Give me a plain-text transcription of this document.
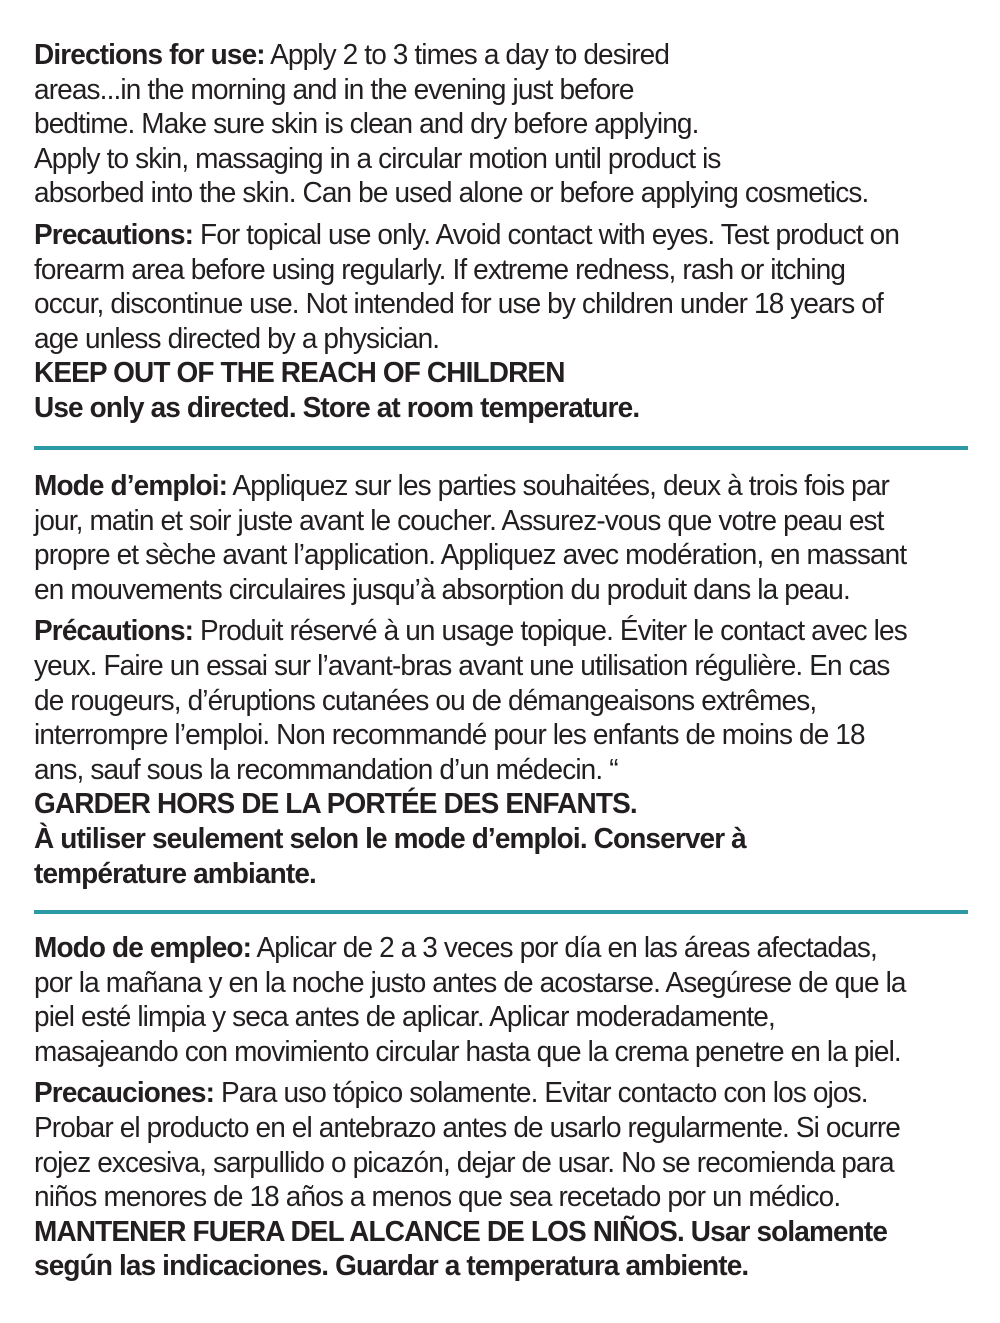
Directions for use: Apply 2 to 3 times a day to desired

areas...in the morning and in the evening just before

bedtime. Make sure skin is clean and dry before applying.

Apply to skin, massaging in a circular motion until product is

absorbed into the skin. Can be used alone or before applying cosmetics.

Precautions: For topical use only. Avoid contact with eyes. Test product on

forearm area before using regularly. If extreme redness, rash or itching

occur, discontinue use. Not intended for use by children under 18 years of

age unless directed by a physician.

KEEP OUT OF THE REACH OF CHILDREN

Use only as directed. Store at room temperature.

Mode d’emploi: Appliquez sur les parties souhaitées, deux à trois fois par

jour, matin et soir juste avant le coucher. Assurez-vous que votre peau est

propre et sèche avant l’application. Appliquez avec modération, en massant

en mouvements circulaires jusqu’à absorption du produit dans la peau.

Précautions: Produit réservé à un usage topique. Éviter le contact avec les

yeux. Faire un essai sur l’avant-bras avant une utilisation régulière. En cas

de rougeurs, d’éruptions cutanées ou de démangeaisons extrêmes,

interrompre l’emploi. Non recommandé pour les enfants de moins de 18

ans, sauf sous la recommandation d’un médecin. “

GARDER HORS DE LA PORTÉE DES ENFANTS.

À utiliser seulement selon le mode d’emploi. Conserver à

température ambiante.

Modo de empleo: Aplicar de 2 a 3 veces por día en las áreas afectadas,

por la mañana y en la noche justo antes de acostarse. Asegúrese de que la

piel esté limpia y seca antes de aplicar. Aplicar moderadamente,

masajeando con movimiento circular hasta que la crema penetre en la piel.

Precauciones: Para uso tópico solamente. Evitar contacto con los ojos.

Probar el producto en el antebrazo antes de usarlo regularmente. Si ocurre

rojez excesiva, sarpullido o picazón, dejar de usar. No se recomienda para

niños menores de 18 años a menos que sea recetado por un médico.

MANTENER FUERA DEL ALCANCE DE LOS NIÑOS. Usar solamente

según las indicaciones. Guardar a temperatura ambiente.
